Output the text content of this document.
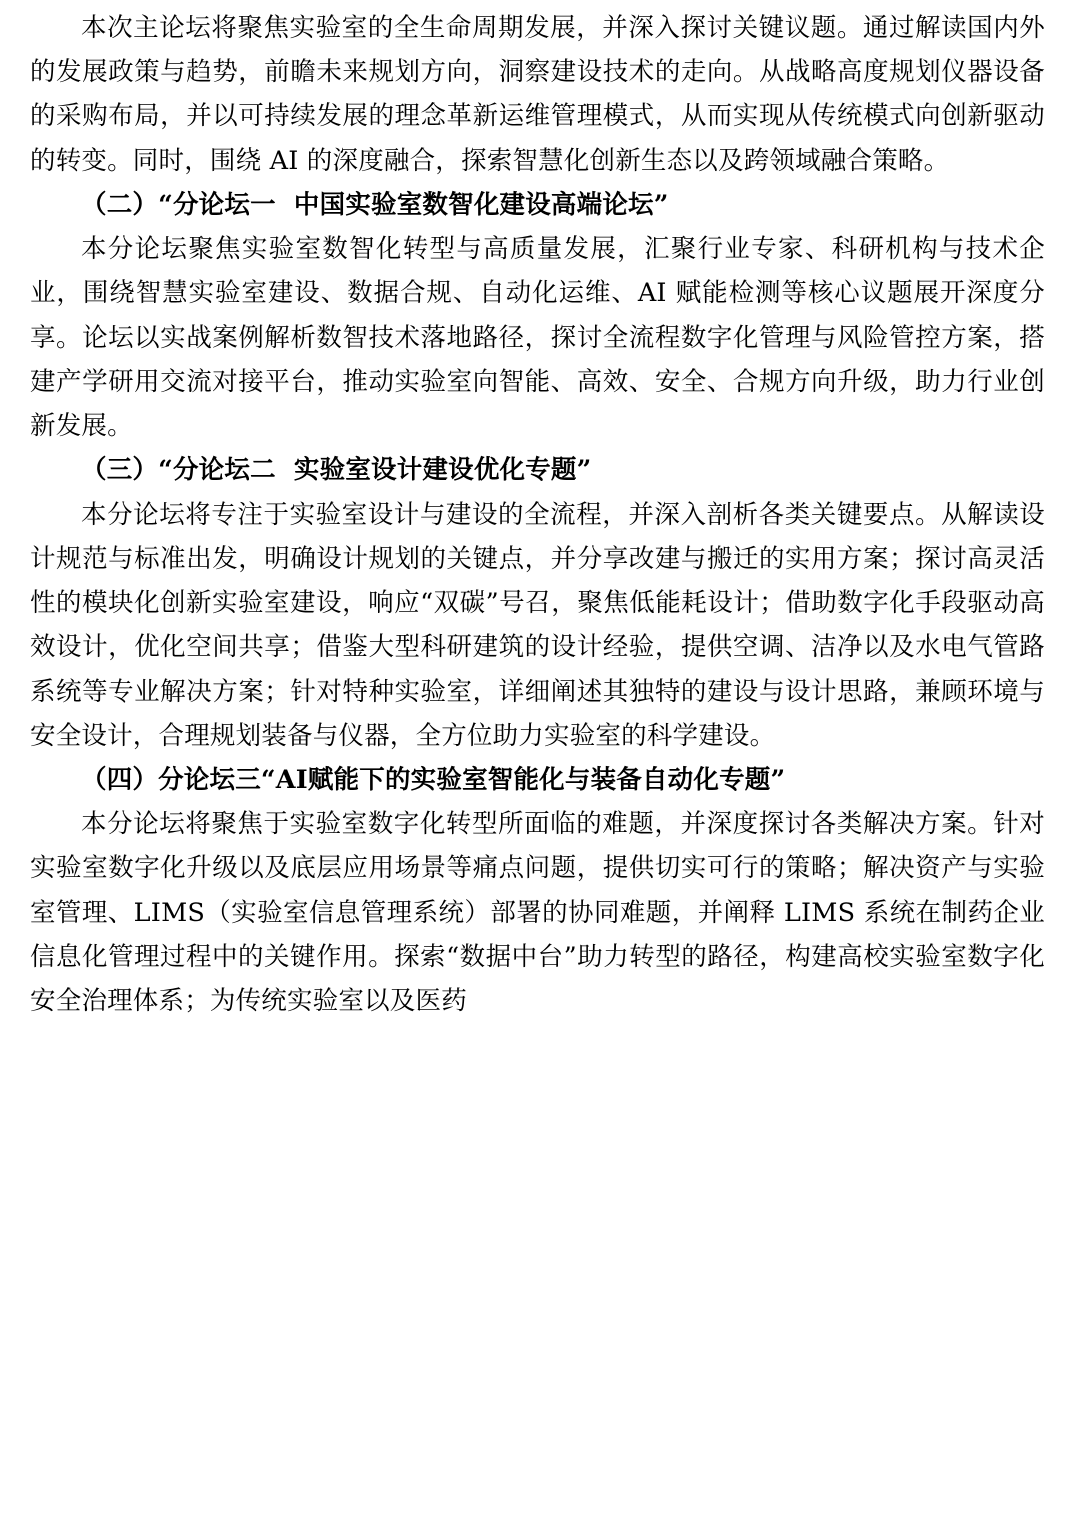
本次主论坛将聚焦实验室的全生命周期发展，并深入探讨关键议题。通过解读国内外的发展政策与趋势，前瞻未来规划方向，洞察建设技术的走向。从战略高度规划仪器设备的采购布局，并以可持续发展的理念革新运维管理模式，从而实现从传统模式向创新驱动的转变。同时，围绕 AI 的深度融合，探索智慧化创新生态以及跨领域融合策略。

（二）“分论坛一  中国实验室数智化建设高端论坛”

本分论坛聚焦实验室数智化转型与高质量发展，汇聚行业专家、科研机构与技术企业，围绕智慧实验室建设、数据合规、自动化运维、AI 赋能检测等核心议题展开深度分享。论坛以实战案例解析数智技术落地路径，探讨全流程数字化管理与风险管控方案，搭建产学研用交流对接平台，推动实验室向智能、高效、安全、合规方向升级，助力行业创新发展。

（三）“分论坛二  实验室设计建设优化专题”

本分论坛将专注于实验室设计与建设的全流程，并深入剖析各类关键要点。从解读设计规范与标准出发，明确设计规划的关键点，并分享改建与搬迁的实用方案；探讨高灵活性的模块化创新实验室建设，响应“双碳”号召，聚焦低能耗设计；借助数字化手段驱动高效设计，优化空间共享；借鉴大型科研建筑的设计经验，提供空调、洁净以及水电气管路系统等专业解决方案；针对特种实验室，详细阐述其独特的建设与设计思路，兼顾环境与安全设计，合理规划装备与仪器，全方位助力实验室的科学建设。

（四）分论坛三“AI赋能下的实验室智能化与装备自动化专题”

本分论坛将聚焦于实验室数字化转型所面临的难题，并深度探讨各类解决方案。针对实验室数字化升级以及底层应用场景等痛点问题，提供切实可行的策略；解决资产与实验室管理、LIMS（实验室信息管理系统）部署的协同难题，并阐释 LIMS 系统在制药企业信息化管理过程中的关键作用。探索“数据中台”助力转型的路径，构建高校实验室数字化安全治理体系；为传统实验室以及医药
